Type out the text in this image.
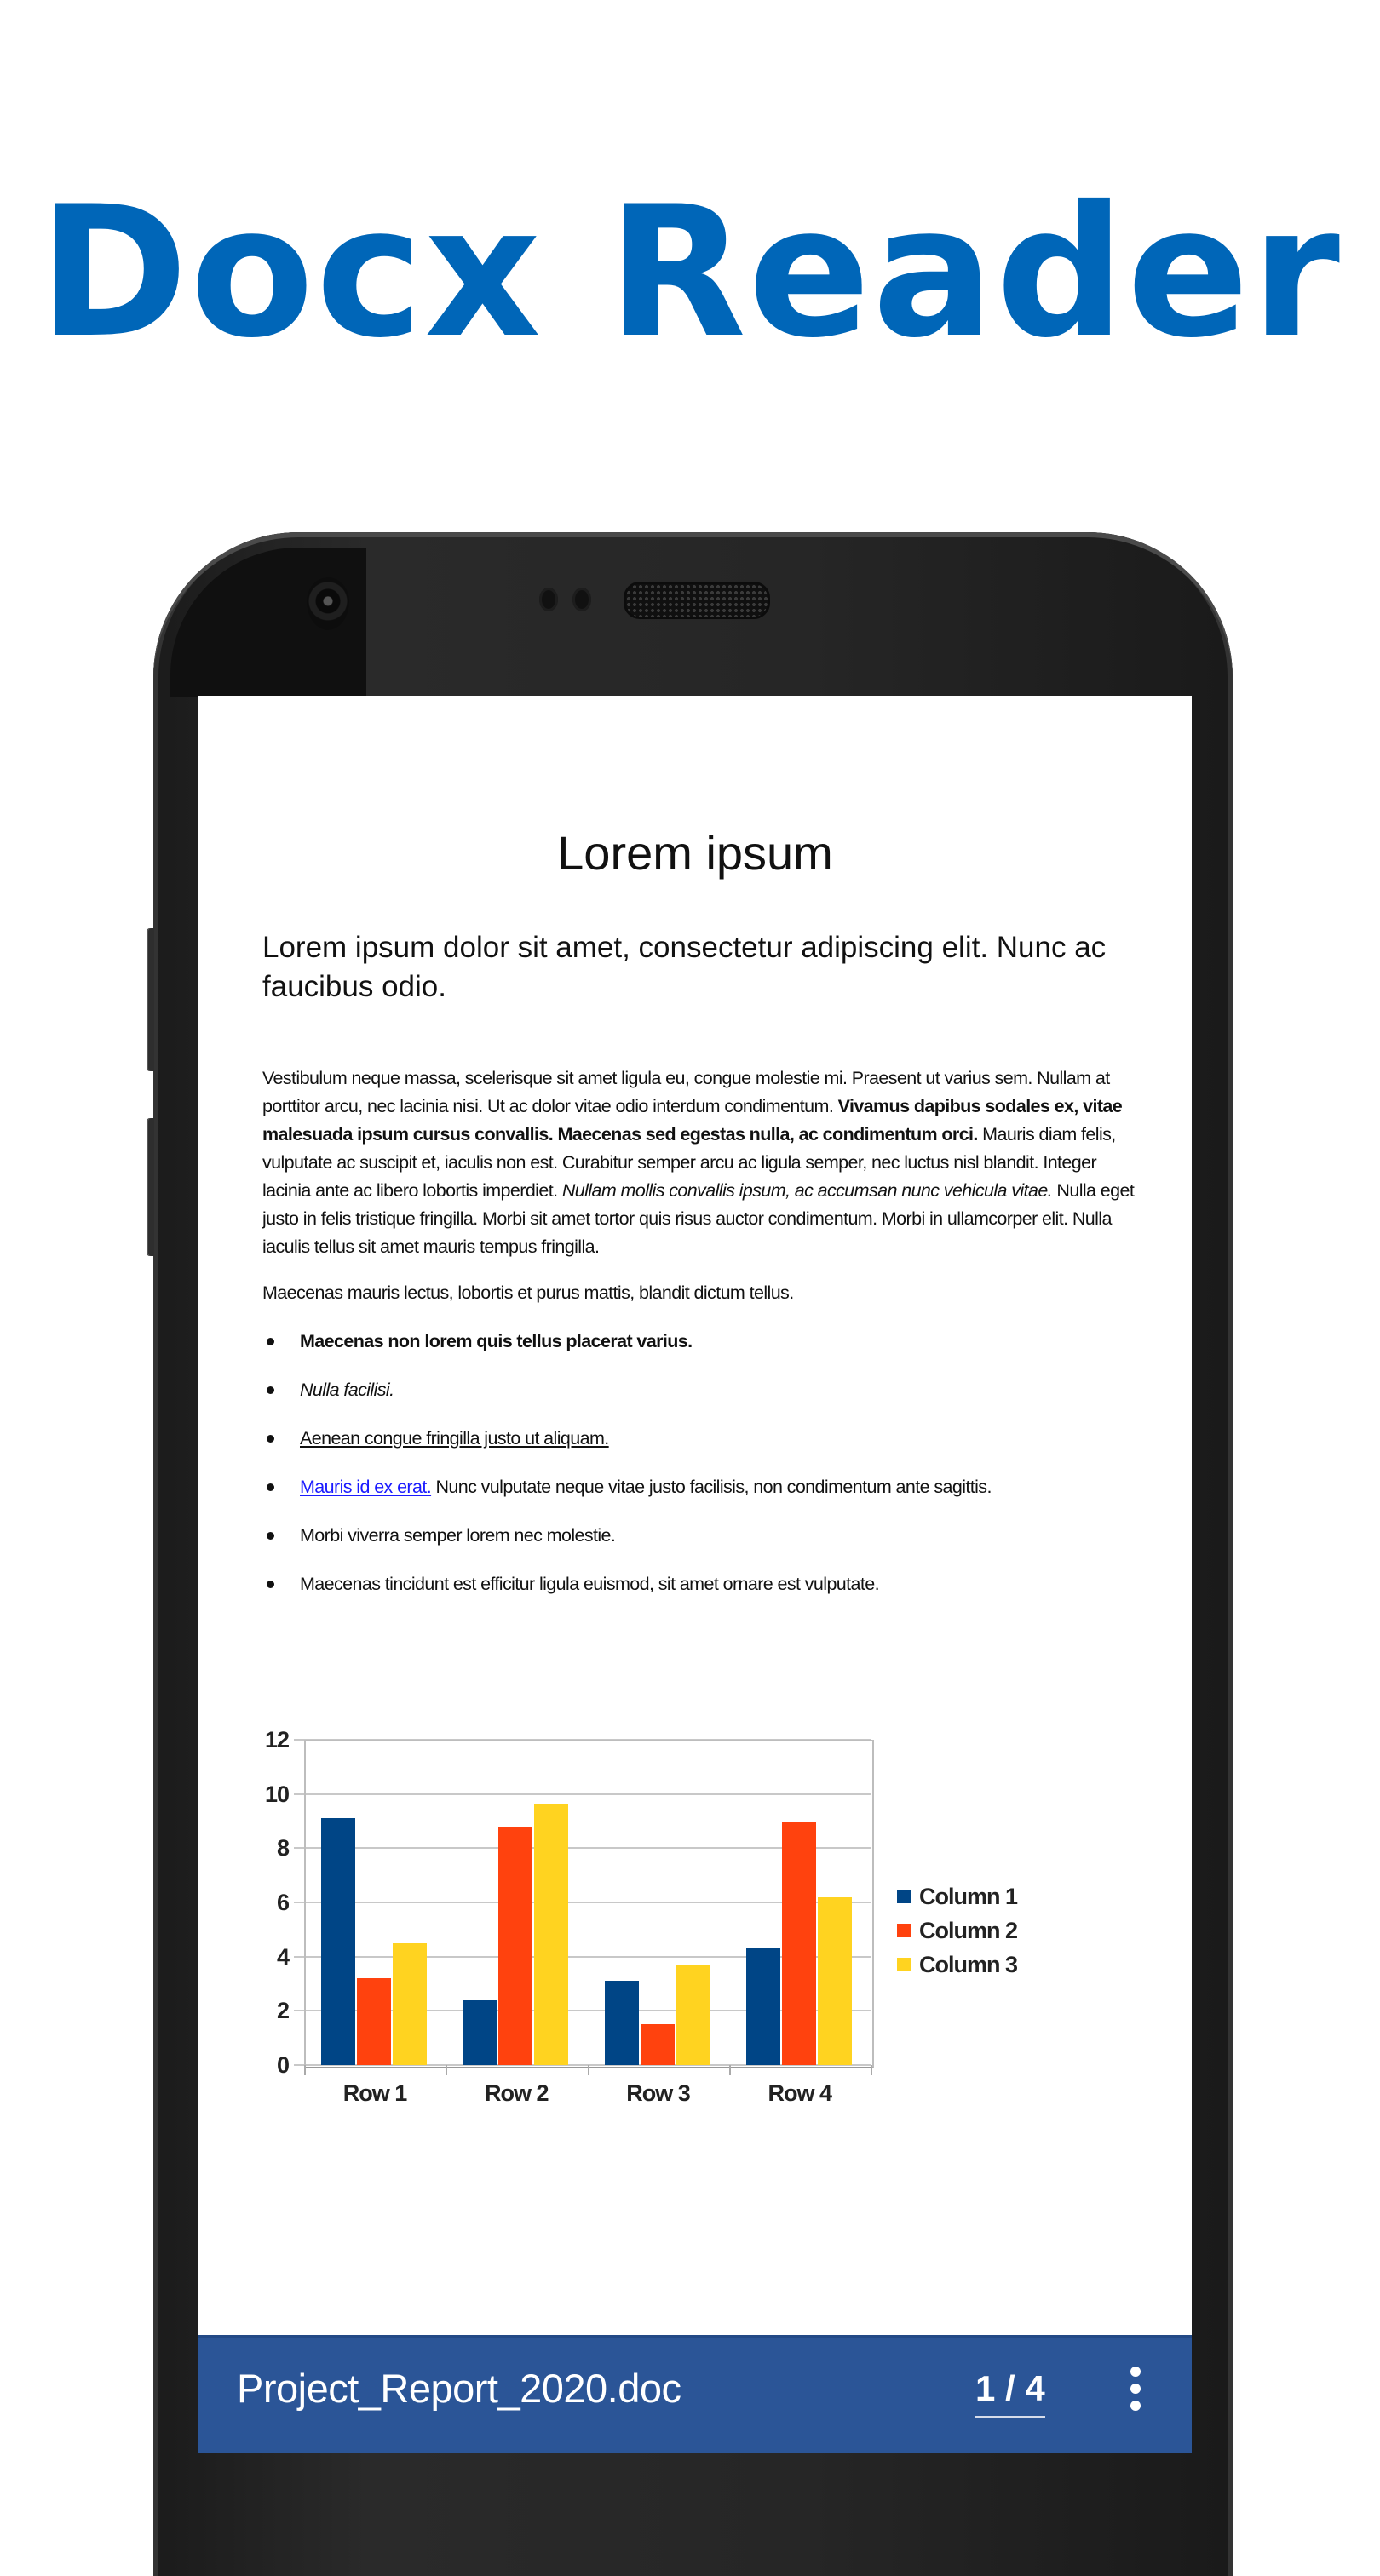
Docx Reader
Lorem ipsum
Lorem ipsum dolor sit amet, consectetur adipiscing elit. Nunc ac faucibus odio.
Vestibulum neque massa, scelerisque sit amet ligula eu, congue molestie mi. Praesent ut varius sem. Nullam at porttitor arcu, nec lacinia nisi. Ut ac dolor vitae odio interdum condimentum. Vivamus dapibus sodales ex, vitae malesuada ipsum cursus convallis. Maecenas sed egestas nulla, ac condimentum orci. Mauris diam felis, vulputate ac suscipit et, iaculis non est. Curabitur semper arcu ac ligula semper, nec luctus nisl blandit. Integer lacinia ante ac libero lobortis imperdiet. Nullam mollis convallis ipsum, ac accumsan nunc vehicula vitae. Nulla eget justo in felis tristique fringilla. Morbi sit amet tortor quis risus auctor condimentum. Morbi in ullamcorper elit. Nulla iaculis tellus sit amet mauris tempus fringilla.
Maecenas mauris lectus, lobortis et purus mattis, blandit dictum tellus.
Maecenas non lorem quis tellus placerat varius.
Nulla facilisi.
Aenean congue fringilla justo ut aliquam.
Mauris id ex erat. Nunc vulputate neque vitae justo facilisis, non condimentum ante sagittis.
Morbi viverra semper lorem nec molestie.
Maecenas tincidunt est efficitur ligula euismod, sit amet ornare est vulputate.
Column 1
Column 2
Column 3
0
2
4
6
8
10
12
Row 1	Row 2	Row 3	Row 4
Project_Report_2020.doc	1 / 4
